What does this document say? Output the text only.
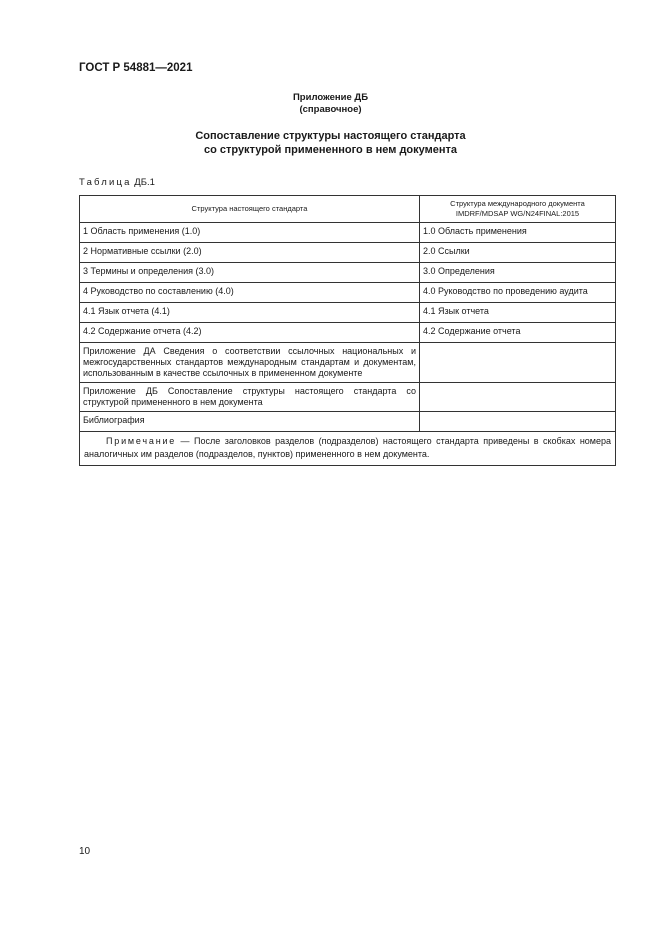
ГОСТ Р 54881—2021
Приложение ДБ
(справочное)
Сопоставление структуры настоящего стандарта
со структурой примененного в нем документа
Таблица ДБ.1
Структура настоящего стандарта	Структура международного документа IMDRF/MDSAP WG/N24FINAL:2015
1 Область применения (1.0)	1.0 Область применения
2 Нормативные ссылки (2.0)	2.0 Ссылки
3 Термины и определения (3.0)	3.0 Определения
4 Руководство по составлению (4.0)	4.0 Руководство по проведению аудита
4.1 Язык отчета (4.1)	4.1 Язык отчета
4.2 Содержание отчета (4.2)	4.2 Содержание отчета
Приложение ДА Сведения о соответствии ссылочных национальных и межгосударственных стандартов международным стандартам и документам, использованным в качестве ссылочных в примененном документе	
Приложение ДБ Сопоставление структуры настоящего стандарта со структурой примененного в нем документа	
Библиография	
Примечание — После заголовков разделов (подразделов) настоящего стандарта приведены в скобках номера аналогичных им разделов (подразделов, пунктов) примененного в нем документа.	
10
